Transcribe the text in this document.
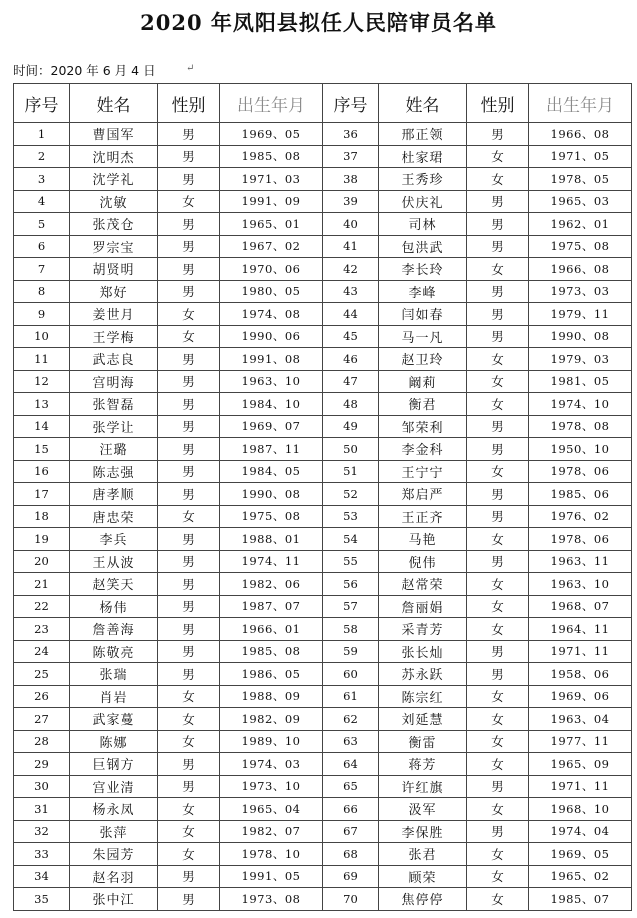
2020 年凤阳县拟任人民陪审员名单
时间：2020 年 6 月 4 日	↵
序号	姓名	性别	出生年月	序号	姓名	性别	出生年月
1	曹国军	男	1969、05	36	邢正领	男	1966、08
2	沈明杰	男	1985、08	37	杜家珺	女	1971、05
3	沈学礼	男	1971、03	38	王秀珍	女	1978、05
4	沈敏	女	1991、09	39	伏庆礼	男	1965、03
5	张茂仓	男	1965、01	40	司林	男	1962、01
6	罗宗宝	男	1967、02	41	包洪武	男	1975、08
7	胡贤明	男	1970、06	42	李长玲	女	1966、08
8	郑好	男	1980、05	43	李峰	男	1973、03
9	姜世月	女	1974、08	44	闫如春	男	1979、11
10	王学梅	女	1990、06	45	马一凡	男	1990、08
11	武志良	男	1991、08	46	赵卫玲	女	1979、03
12	宫明海	男	1963、10	47	阚莉	女	1981、05
13	张智磊	男	1984、10	48	衡君	女	1974、10
14	张学让	男	1969、07	49	邹荣利	男	1978、08
15	汪璐	男	1987、11	50	李金科	男	1950、10
16	陈志强	男	1984、05	51	王宁宁	女	1978、06
17	唐孝顺	男	1990、08	52	郑启严	男	1985、06
18	唐忠荣	女	1975、08	53	王正齐	男	1976、02
19	李兵	男	1988、01	54	马艳	女	1978、06
20	王从波	男	1974、11	55	倪伟	男	1963、11
21	赵笑天	男	1982、06	56	赵常荣	女	1963、10
22	杨伟	男	1987、07	57	詹丽娟	女	1968、07
23	詹善海	男	1966、01	58	采青芳	女	1964、11
24	陈敬亮	男	1985、08	59	张长灿	男	1971、11
25	张瑞	男	1986、05	60	苏永跃	男	1958、06
26	肖岩	女	1988、09	61	陈宗红	女	1969、06
27	武家蔓	女	1982、09	62	刘延慧	女	1963、04
28	陈娜	女	1989、10	63	衡雷	女	1977、11
29	巨钢方	男	1974、03	64	蒋芳	女	1965、09
30	宫业清	男	1973、10	65	许红旗	男	1971、11
31	杨永凤	女	1965、04	66	汲军	女	1968、10
32	张萍	女	1982、07	67	李保胜	男	1974、04
33	朱园芳	女	1978、10	68	张君	女	1969、05
34	赵名羽	男	1991、05	69	顾荣	女	1965、02
35	张中江	男	1973、08	70	焦停停	女	1985、07
